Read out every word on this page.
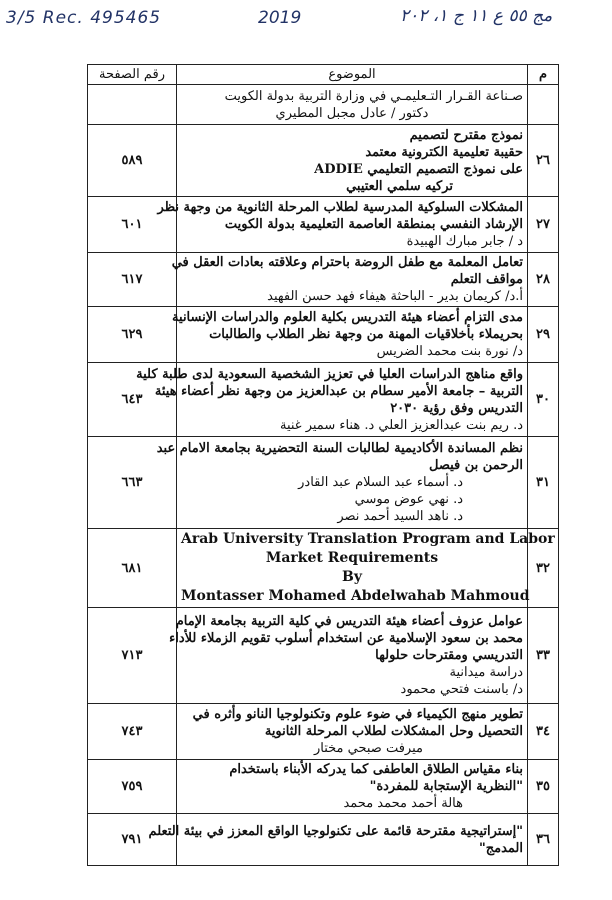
3/5 Rec. 495465	2019	مج ٥٥ ع ١١ ج ١، ٢٠٢
م	الموضوع	رقم الصفحة

	صـناعة القـرار التـعليمـي في وزارة التربية بدولة الكويت
دكتور / عادل مجبل المطيري	

٢٦	نموذج مقترح لتصميم
حقيبة تعليمية الكترونية معتمد
على نموذج التصميم التعليمي ADDIE
تركيه سلمي العتيبي	٥٨٩
٢٧	المشكلات السلوكية المدرسية لطلاب المرحلة الثانوية من وجهة نظر
الإرشاد النفسي بمنطقة العاصمة التعليمية بدولة الكويت
د / جابر مبارك الهبيدة	٦٠١
٢٨	تعامل المعلمة مع طفل الروضة باحترام وعلاقته بعادات العقل في
مواقف التعلم
أ.د/ كريمان بدير - الباحثة هيفاء فهد حسن الفهيد	٦١٧
٢٩	مدى التزام أعضاء هيئة التدريس بكلية العلوم والدراسات الإنسانية
بحريملاء بأخلاقيات المهنة من وجهة نظر الطلاب والطالبات
د/ نورة بنت محمد الضريس	٦٢٩
٣٠	واقع مناهج الدراسات العليا في تعزيز الشخصية السعودية لدى طلبة كلية
التربية – جامعة الأمير سطام بن عبدالعزيز من وجهة نظر أعضاء هيئة
التدريس وفق رؤية ٢٠٣٠
د. ريم بنت عبدالعزيز العلي د. هناء سمير غنية	٦٤٣
٣١	نظم المساندة الأكاديمية لطالبات السنة التحضيرية بجامعة الامام عبد
الرحمن بن فيصل
د. أسماء عبد السلام عبد القادر
د. نهي عوض موسي
د. ناهد السيد أحمد نصر	٦٦٣
٣٢	Arab University Translation Program and Labor
Market Requirements
By
Montasser Mohamed Abdelwahab Mahmoud	٦٨١
٣٣	عوامل عزوف أعضاء هيئة التدريس في كلية التربية بجامعة الإمام
محمد بن سعود الإسلامية عن استخدام أسلوب تقويم الزملاء للأداء
التدريسي ومقترحات حلولها
دراسة ميدانية
د/ باسنت فتحي محمود	٧١٣
٣٤	تطوير منهج الكيمياء في ضوء علوم وتكنولوجيا النانو وأثره في
التحصيل وحل المشكلات لطلاب المرحلة الثانوية
ميرفت صبحي مختار	٧٤٣
٣٥	بناء مقياس الطلاق العاطفى كما يدركه الأبناء باستخدام
"النظرية الإستجابة للمفردة"
هالة أحمد محمد محمد	٧٥٩
٣٦	"إستراتيجية مقترحة قائمة على تكنولوجيا الواقع المعزز في بيئة التعلم
المدمج"	٧٩١
